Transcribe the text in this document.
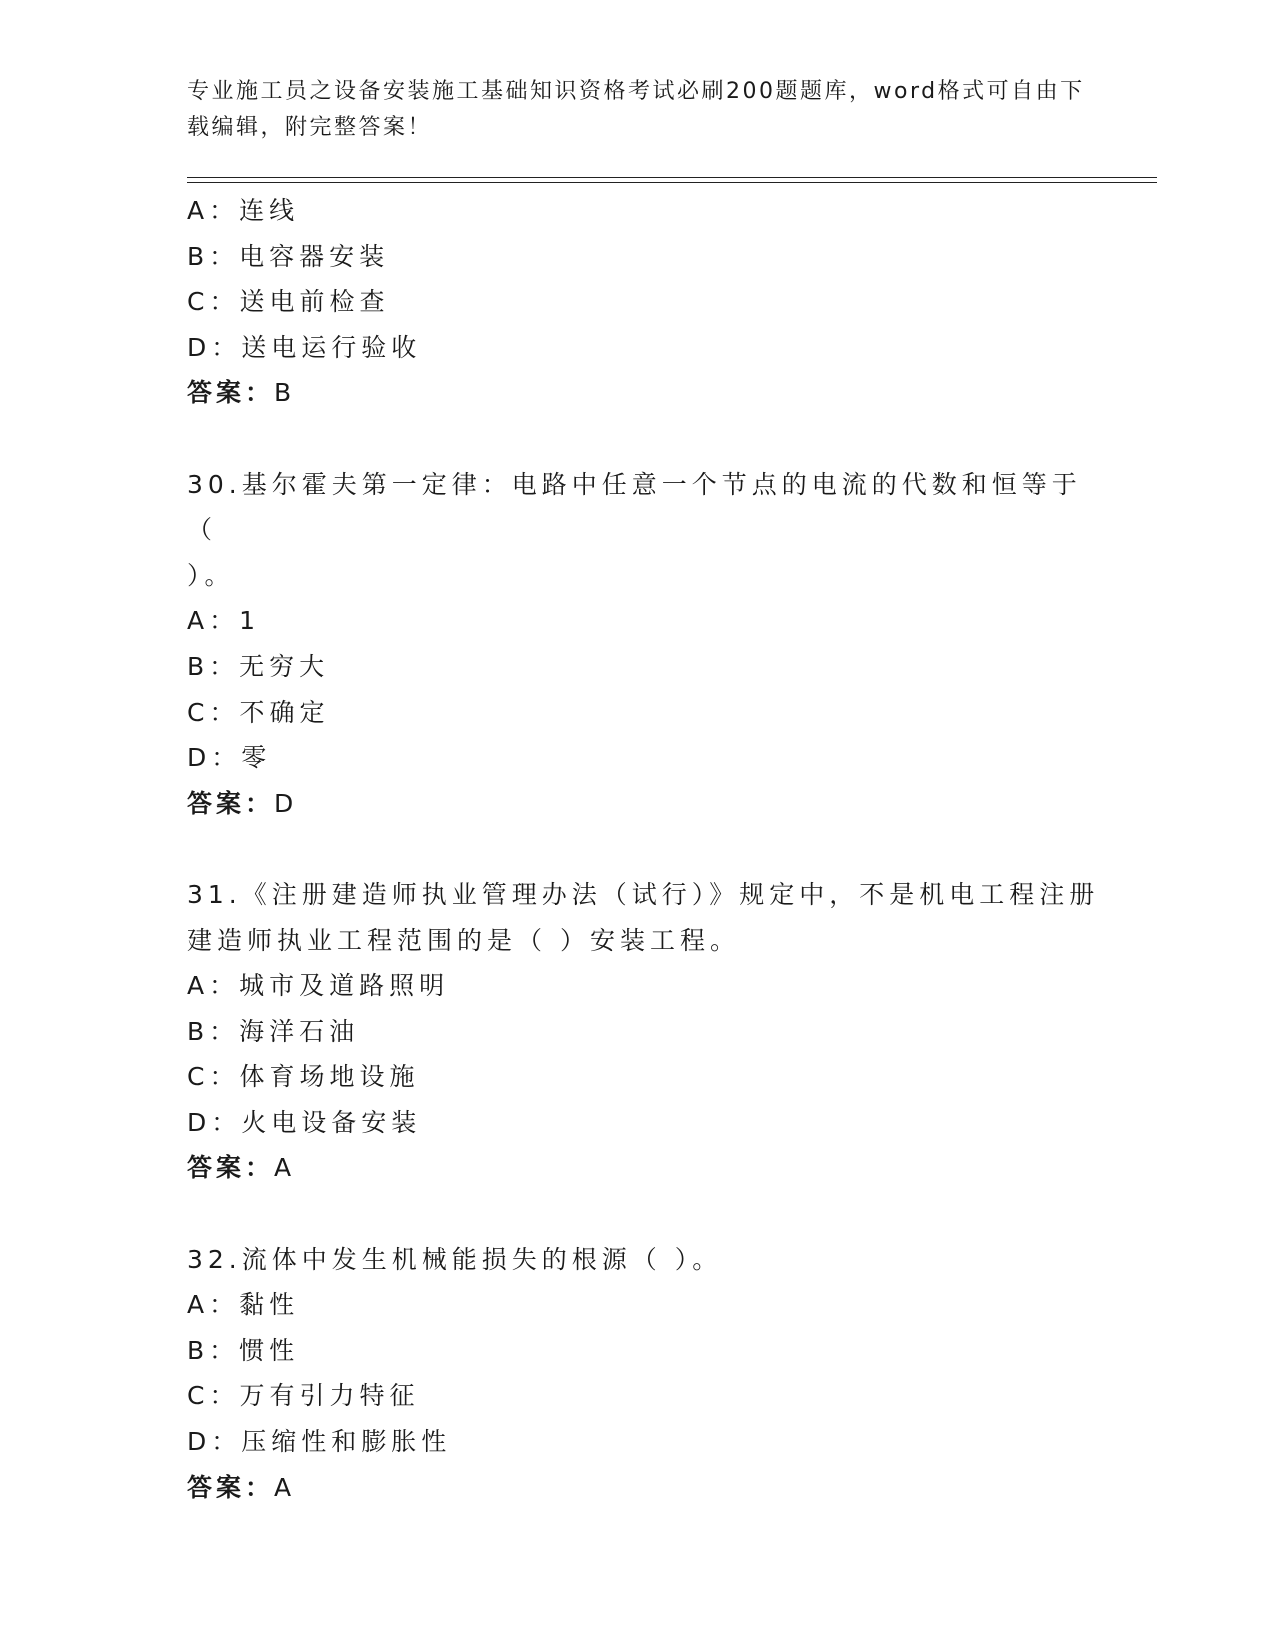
专业施工员之设备安装施工基础知识资格考试必刷200题题库，word格式可自由下载编辑，附完整答案！

A：连线

B：电容器安装

C：送电前检查

D：送电运行验收

答案：B

30.基尔霍夫第一定律：电路中任意一个节点的电流的代数和恒等于（

）。

A：1

B：无穷大

C：不确定

D：零

答案：D

31.《注册建造师执业管理办法（试行）》规定中，不是机电工程注册

建造师执业工程范围的是（ ）安装工程。

A：城市及道路照明

B：海洋石油

C：体育场地设施

D：火电设备安装

答案：A

32.流体中发生机械能损失的根源（ ）。

A：黏性

B：惯性

C：万有引力特征

D：压缩性和膨胀性

答案：A
